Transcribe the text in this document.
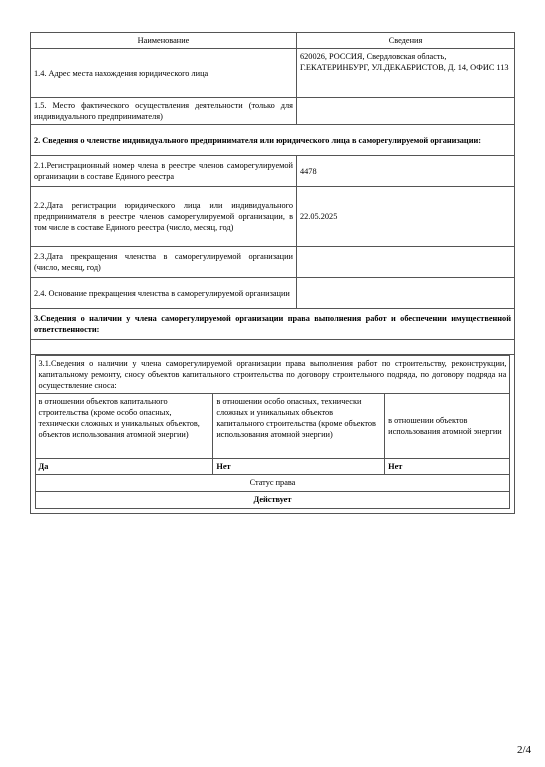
Наименование	Сведения
1.4. Адрес места нахождения юридического лица	620026, РОССИЯ, Свердловская область, Г.ЕКАТЕРИНБУРГ, УЛ.ДЕКАБРИСТОВ, Д. 14, ОФИС 113
1.5. Место фактического осуществления деятельности (только для индивидуального предпринимателя)	
2. Сведения о членстве индивидуального предпринимателя или юридического лица в саморегулируемой организации:
2.1.Регистрационный номер члена в реестре членов саморегулируемой организации в составе Единого реестра	4478
2.2.Дата регистрации юридического лица или индивидуального предпринимателя в реестре членов саморегулируемой организации, в том числе в составе Единого реестра (число, месяц, год)	22.05.2025
2.3.Дата прекращения членства в саморегулируемой организации (число, месяц, год)	
2.4. Основание прекращения членства в саморегулируемой организации	
3.Сведения о наличии у члена саморегулируемой организации права выполнения работ и обеспечении имущественной ответственности:

	3.1.Сведения о наличии у члена саморегулируемой организации права выполнения работ по строительству, реконструкции, капитальному ремонту, сносу объектов капитального строительства по договору строительного подряда, по договору подряда на осуществление сноса:	
	в отношении объектов капитального строительства (кроме особо опасных, технически сложных и уникальных объектов, объектов использования атомной энергии)	в отношении особо опасных, технически сложных и уникальных объектов капитального строительства (кроме объектов использования атомной энергии)	в отношении объектов использования атомной энергии	
	Да	Нет	Нет	
	Статус права	
	Действует	

2/4
